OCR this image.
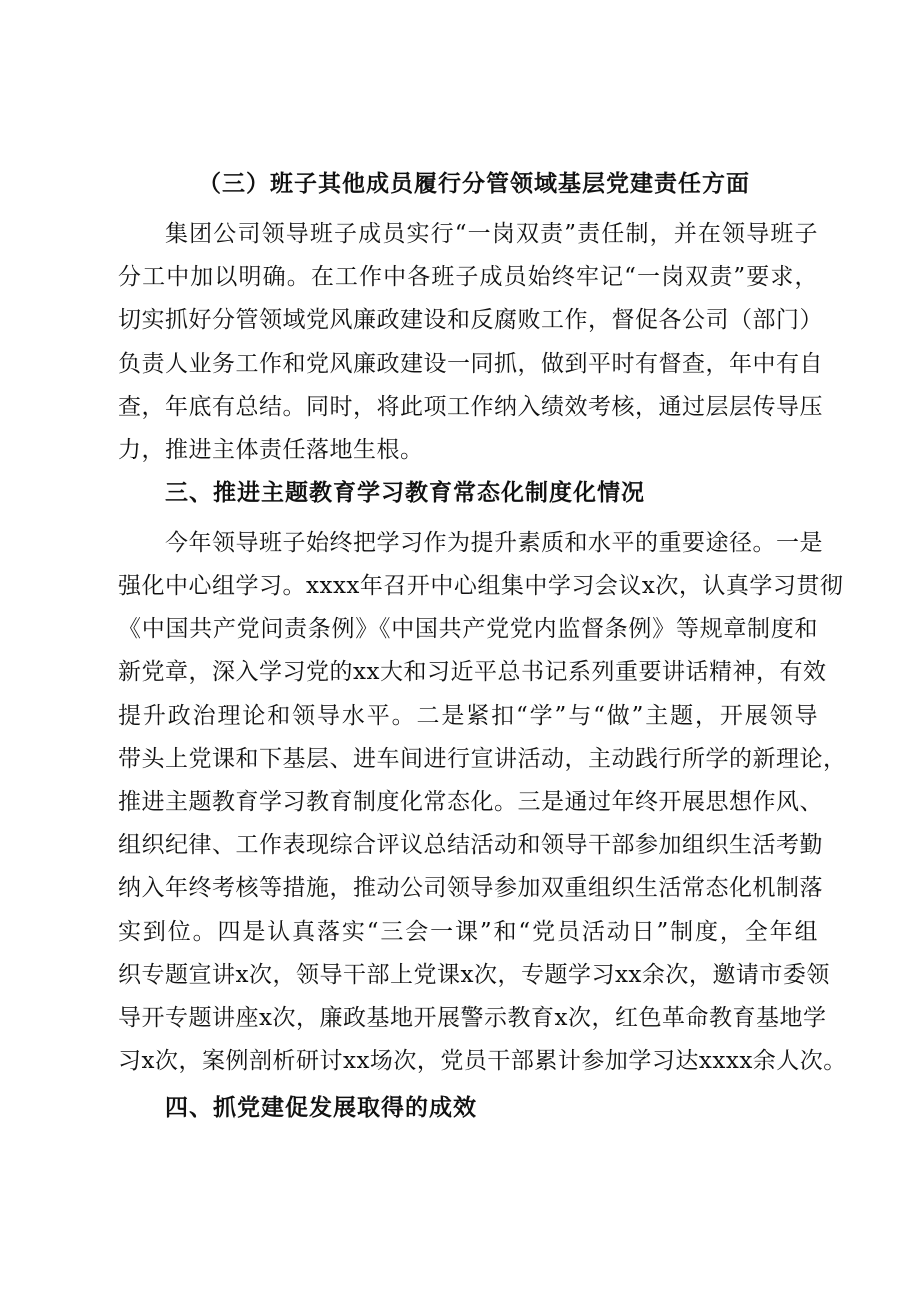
（三）班子其他成员履行分管领域基层党建责任方面
集团公司领导班子成员实行“一岗双责”责任制，并在领导班子
分工中加以明确。在工作中各班子成员始终牢记“一岗双责”要求，
切实抓好分管领域党风廉政建设和反腐败工作，督促各公司（部门）
负责人业务工作和党风廉政建设一同抓，做到平时有督查，年中有自
查，年底有总结。同时，将此项工作纳入绩效考核，通过层层传导压
力，推进主体责任落地生根。
三、推进主题教育学习教育常态化制度化情况
今年领导班子始终把学习作为提升素质和水平的重要途径。一是
强化中心组学习。xxxx年召开中心组集中学习会议x次，认真学习贯彻
《中国共产党问责条例》《中国共产党党内监督条例》等规章制度和
新党章，深入学习党的xx大和习近平总书记系列重要讲话精神，有效
提升政治理论和领导水平。二是紧扣“学”与“做”主题，开展领导
带头上党课和下基层、进车间进行宣讲活动，主动践行所学的新理论，
推进主题教育学习教育制度化常态化。三是通过年终开展思想作风、
组织纪律、工作表现综合评议总结活动和领导干部参加组织生活考勤
纳入年终考核等措施，推动公司领导参加双重组织生活常态化机制落
实到位。四是认真落实“三会一课”和“党员活动日”制度，全年组
织专题宣讲x次，领导干部上党课x次，专题学习xx余次，邀请市委领
导开专题讲座x次，廉政基地开展警示教育x次，红色革命教育基地学
习x次，案例剖析研讨xx场次，党员干部累计参加学习达xxxx余人次。
四、抓党建促发展取得的成效
